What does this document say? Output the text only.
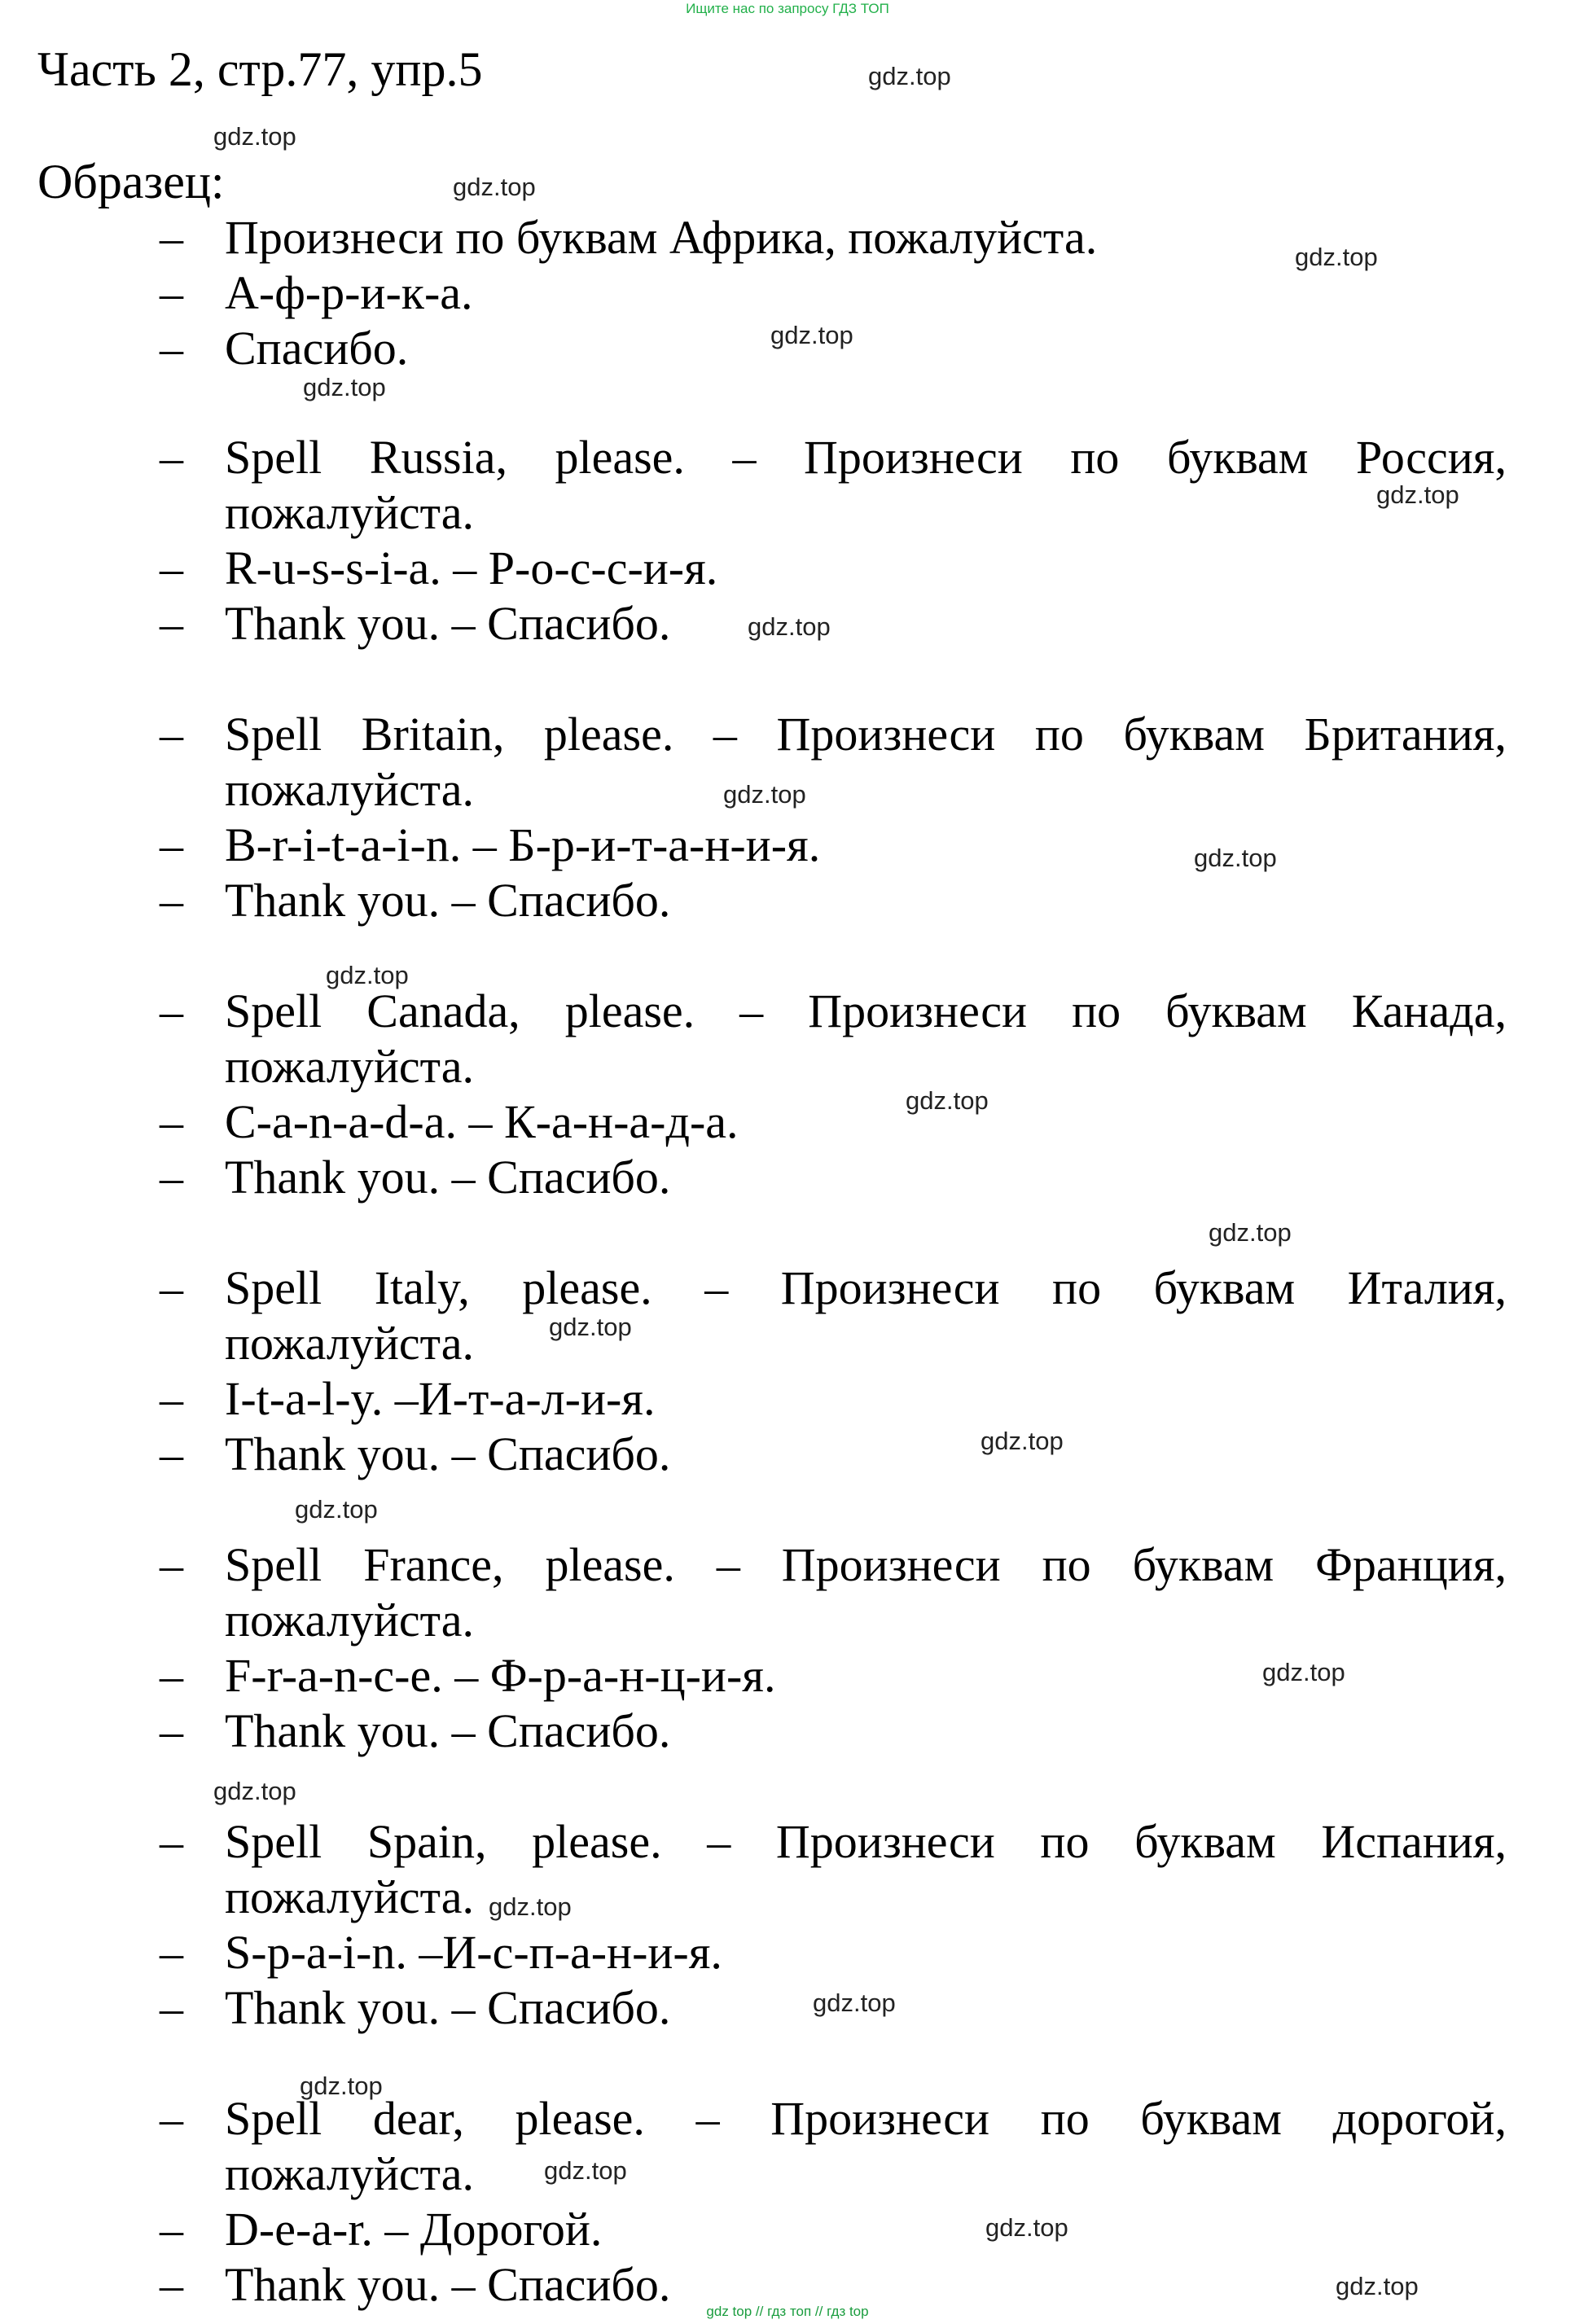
Ищите нас по запросу ГДЗ ТОП
Часть 2, стр.77, упр.5
Образец:
– Произнеси по буквам Африка, пожалуйста.
– А-ф-р-и-к-а.
– Спасибо.
– Spell Russia, please. – Произнеси по буквам Россия,
пожалуйста.
– R-u-s-s-i-a. – Р-о-с-с-и-я.
– Thank you. – Спасибо.
– Spell Britain, please. – Произнеси по буквам Британия,
пожалуйста.
– B-r-i-t-a-i-n. – Б-р-и-т-а-н-и-я.
– Thank you. – Спасибо.
– Spell Canada, please. – Произнеси по буквам Канада,
пожалуйста.
– C-a-n-a-d-a. – К-а-н-а-д-а.
– Thank you. – Спасибо.
– Spell Italy, please. – Произнеси по буквам Италия,
пожалуйста.
– I-t-a-l-y. –И-т-а-л-и-я.
– Thank you. – Спасибо.
– Spell France, please. – Произнеси по буквам Франция,
пожалуйста.
– F-r-a-n-c-e. – Ф-р-а-н-ц-и-я.
– Thank you. – Спасибо.
– Spell Spain, please. – Произнеси по буквам Испания,
пожалуйста.
– S-p-a-i-n. –И-с-п-а-н-и-я.
– Thank you. – Спасибо.
– Spell dear, please. – Произнеси по буквам дорогой,
пожалуйста.
– D-e-a-r. – Дорогой.
– Thank you. – Спасибо.
gdz.top
gdz.top
gdz.top
gdz.top
gdz.top
gdz.top
gdz.top
gdz.top
gdz.top
gdz.top
gdz.top
gdz.top
gdz.top
gdz.top
gdz.top
gdz.top
gdz.top
gdz.top
gdz.top
gdz.top
gdz.top
gdz.top
gdz.top
gdz.top
gdz top // гдз топ // гдз top
